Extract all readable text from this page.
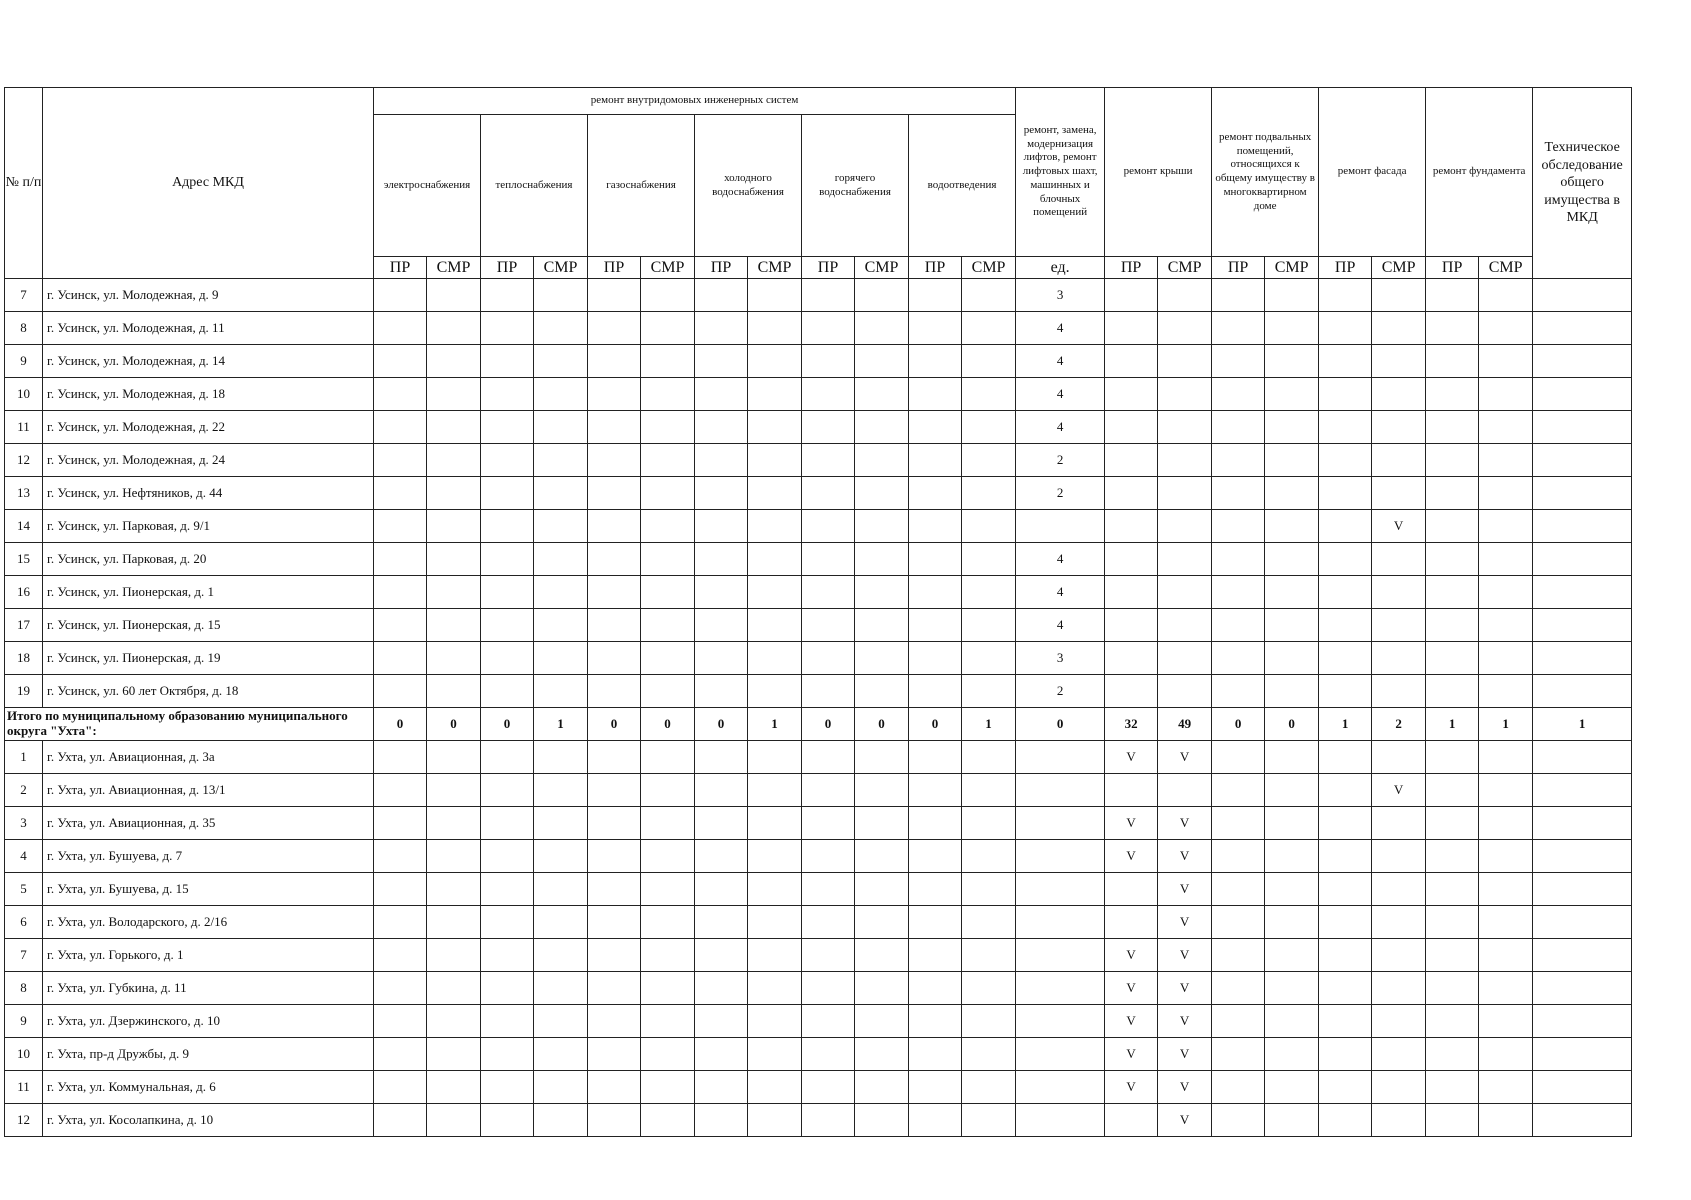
№ п/п	Адрес МКД	ремонт внутридомовых инженерных систем												ремонт, замена, модернизация лифтов, ремонт лифтовых шахт, машинных и блочных помещений	ремонт крыши		ремонт подвальных помещений, относящихся к общему имуществу в многоквартирном доме		ремонт фасада		ремонт фундамента		Техническое обследование общего имущества в МКД
		электроснабжения		теплоснабжения		газоснабжения		холодного водоснабжения		горячего водоснабжения		водоотведения											
		ПР	СМР	ПР	СМР	ПР	СМР	ПР	СМР	ПР	СМР	ПР	СМР	ед.	ПР	СМР	ПР	СМР	ПР	СМР	ПР	СМР	
7	г. Усинск, ул. Молодежная, д. 9													3									
8	г. Усинск, ул. Молодежная, д. 11													4									
9	г. Усинск, ул. Молодежная, д. 14													4									
10	г. Усинск, ул. Молодежная, д. 18													4									
11	г. Усинск, ул. Молодежная, д. 22													4									
12	г. Усинск, ул. Молодежная, д. 24													2									
13	г. Усинск, ул. Нефтяников, д. 44													2									
14	г. Усинск, ул. Парковая, д. 9/1																			V			
15	г. Усинск, ул. Парковая, д. 20													4									
16	г. Усинск, ул. Пионерская, д. 1													4									
17	г. Усинск, ул. Пионерская, д. 15													4									
18	г. Усинск, ул. Пионерская, д. 19													3									
19	г. Усинск, ул. 60 лет Октября, д. 18													2									
Итого по муниципальному образованию муниципального округа "Ухта":		0	0	0	1	0	0	0	1	0	0	0	1	0	32	49	0	0	1	2	1	1	1
1	г. Ухта, ул. Авиационная, д. 3а														V	V							
2	г. Ухта, ул. Авиационная, д. 13/1																			V			
3	г. Ухта, ул. Авиационная, д. 35														V	V							
4	г. Ухта, ул. Бушуева, д. 7														V	V							
5	г. Ухта, ул. Бушуева, д. 15															V							
6	г. Ухта, ул. Володарского, д. 2/16															V							
7	г. Ухта, ул. Горького, д. 1														V	V							
8	г. Ухта, ул. Губкина, д. 11														V	V							
9	г. Ухта, ул. Дзержинского, д. 10														V	V							
10	г. Ухта, пр-д Дружбы, д. 9														V	V							
11	г. Ухта, ул. Коммунальная, д. 6														V	V							
12	г. Ухта, ул. Косолапкина, д. 10															V							
